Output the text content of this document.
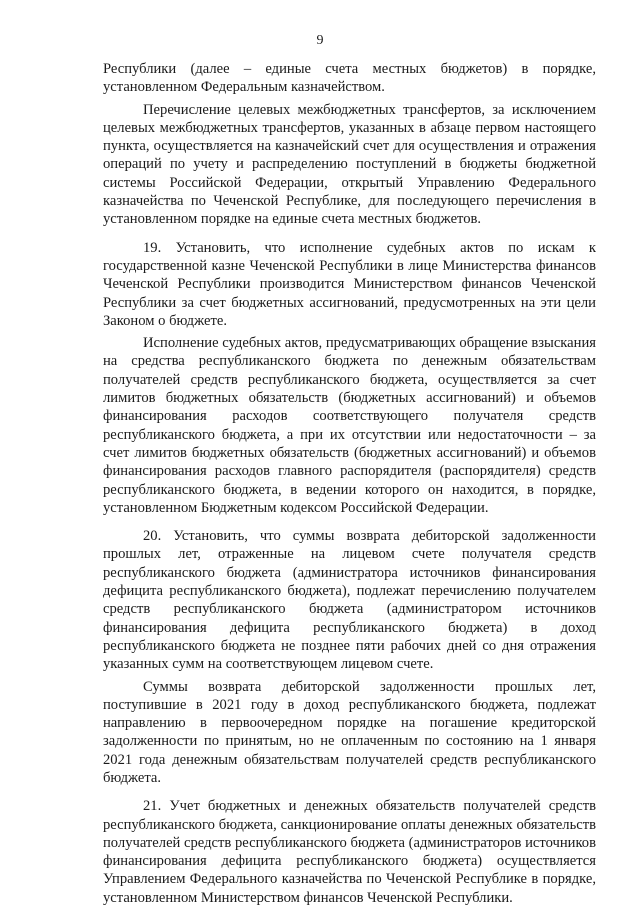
9

Республики (далее – единые счета местных бюджетов) в порядке, установленном Федеральным казначейством.

Перечисление целевых межбюджетных трансфертов, за исключением целевых межбюджетных трансфертов, указанных в абзаце первом настоящего пункта, осуществляется на казначейский счет для осуществления и отражения операций по учету и распределению поступлений в бюджеты бюджетной системы Российской Федерации, открытый Управлению Федерального казначейства по Чеченской Республике, для последующего перечисления в установленном порядке на единые счета местных бюджетов.

19. Установить, что исполнение судебных актов по искам к государственной казне Чеченской Республики в лице Министерства финансов Чеченской Республики производится Министерством финансов Чеченской Республики за счет бюджетных ассигнований, предусмотренных на эти цели Законом о бюджете.

Исполнение судебных актов, предусматривающих обращение взыскания на средства республиканского бюджета по денежным обязательствам получателей средств республиканского бюджета, осуществляется за счет лимитов бюджетных обязательств (бюджетных ассигнований) и объемов финансирования расходов соответствующего получателя средств республиканского бюджета, а при их отсутствии или недостаточности – за счет лимитов бюджетных обязательств (бюджетных ассигнований) и объемов финансирования расходов главного распорядителя (распорядителя) средств республиканского бюджета, в ведении которого он находится, в порядке, установленном Бюджетным кодексом Российской Федерации.

20. Установить, что суммы возврата дебиторской задолженности прошлых лет, отраженные на лицевом счете получателя средств республиканского бюджета (администратора источников финансирования дефицита республиканского бюджета), подлежат перечислению получателем средств республиканского бюджета (администратором источников финансирования дефицита республиканского бюджета) в доход республиканского бюджета не позднее пяти рабочих дней со дня отражения указанных сумм на соответствующем лицевом счете.

Суммы возврата дебиторской задолженности прошлых лет, поступившие в 2021 году в доход республиканского бюджета, подлежат направлению в первоочередном порядке на погашение кредиторской задолженности по принятым, но не оплаченным по состоянию на 1 января 2021 года денежным обязательствам получателей средств республиканского бюджета.

21. Учет бюджетных и денежных обязательств получателей средств республиканского бюджета, санкционирование оплаты денежных обязательств получателей средств республиканского бюджета (администраторов источников финансирования дефицита республиканского бюджета) осуществляется Управлением Федерального казначейства по Чеченской Республике в порядке, установленном Министерством финансов Чеченской Республики.
